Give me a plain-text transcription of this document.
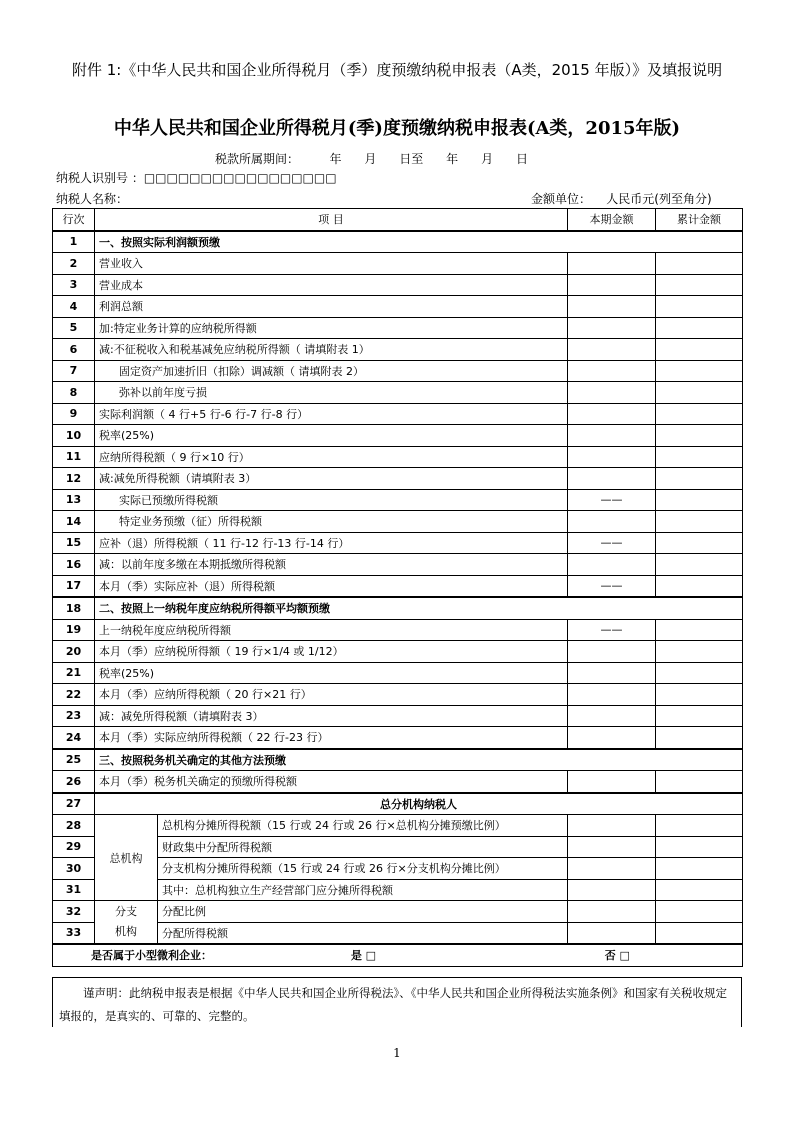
附件 1:《中华人民共和国企业所得税月（季）度预缴纳税申报表（A类，2015 年版）》及填报说明
中华人民共和国企业所得税月(季)度预缴纳税申报表(A类，2015年版)
税款所属期间：        年      月      日至      年      月      日
纳税人识别号 ：□□□□□□□□□□□□□□□□□
纳税人名称：	金额单位：    人民币元(列至角分)
行次	项 目		本期金额	累计金额
1	一、按照实际利润额预缴			
2	营业收入			
3	营业成本			
4	利润总额			
5	加:特定业务计算的应纳税所得额			
6	减:不征税收入和税基减免应纳税所得额（ 请填附表 1）			
7	固定资产加速折旧（扣除）调减额（ 请填附表 2）			
8	弥补以前年度亏损			
9	实际利润额（ 4 行+5 行-6 行-7 行-8 行）			
10	税率(25%)			
11	应纳所得税额（ 9 行×10 行）			
12	减:减免所得税额（请填附表 3）			
13	实际已预缴所得税额		——	
14	特定业务预缴（征）所得税额			
15	应补（退）所得税额（ 11 行-12 行-13 行-14 行）		——	
16	减：以前年度多缴在本期抵缴所得税额			
17	本月（季）实际应补（退）所得税额		——	
18	二、按照上一纳税年度应纳税所得额平均额预缴			
19	上一纳税年度应纳税所得额		——	
20	本月（季）应纳税所得额（ 19 行×1/4 或 1/12）			
21	税率(25%)			
22	本月（季）应纳所得税额（ 20 行×21 行）			
23	减：减免所得税额（请填附表 3）			
24	本月（季）实际应纳所得税额（ 22 行-23 行）			
25	三、按照税务机关确定的其他方法预缴			
26	本月（季）税务机关确定的预缴所得税额			
27	总分机构纳税人			
28	总机构	总机构分摊所得税额（15 行或 24 行或 26 行×总机构分摊预缴比例）		
29		财政集中分配所得税额		
30		分支机构分摊所得税额（15 行或 24 行或 26 行×分支机构分摊比例）		
31		其中：总机构独立生产经营部门应分摊所得税额		
32	分支
机构	分配比例		
33		分配所得税额		
是否属于小型微利企业： 是 □ 否 □				
谨声明：此纳税申报表是根据《中华人民共和国企业所得税法》、《中华人民共和国企业所得税法实施条例》和国家有关税收规定填报的，是真实的、可靠的、完整的。
1
